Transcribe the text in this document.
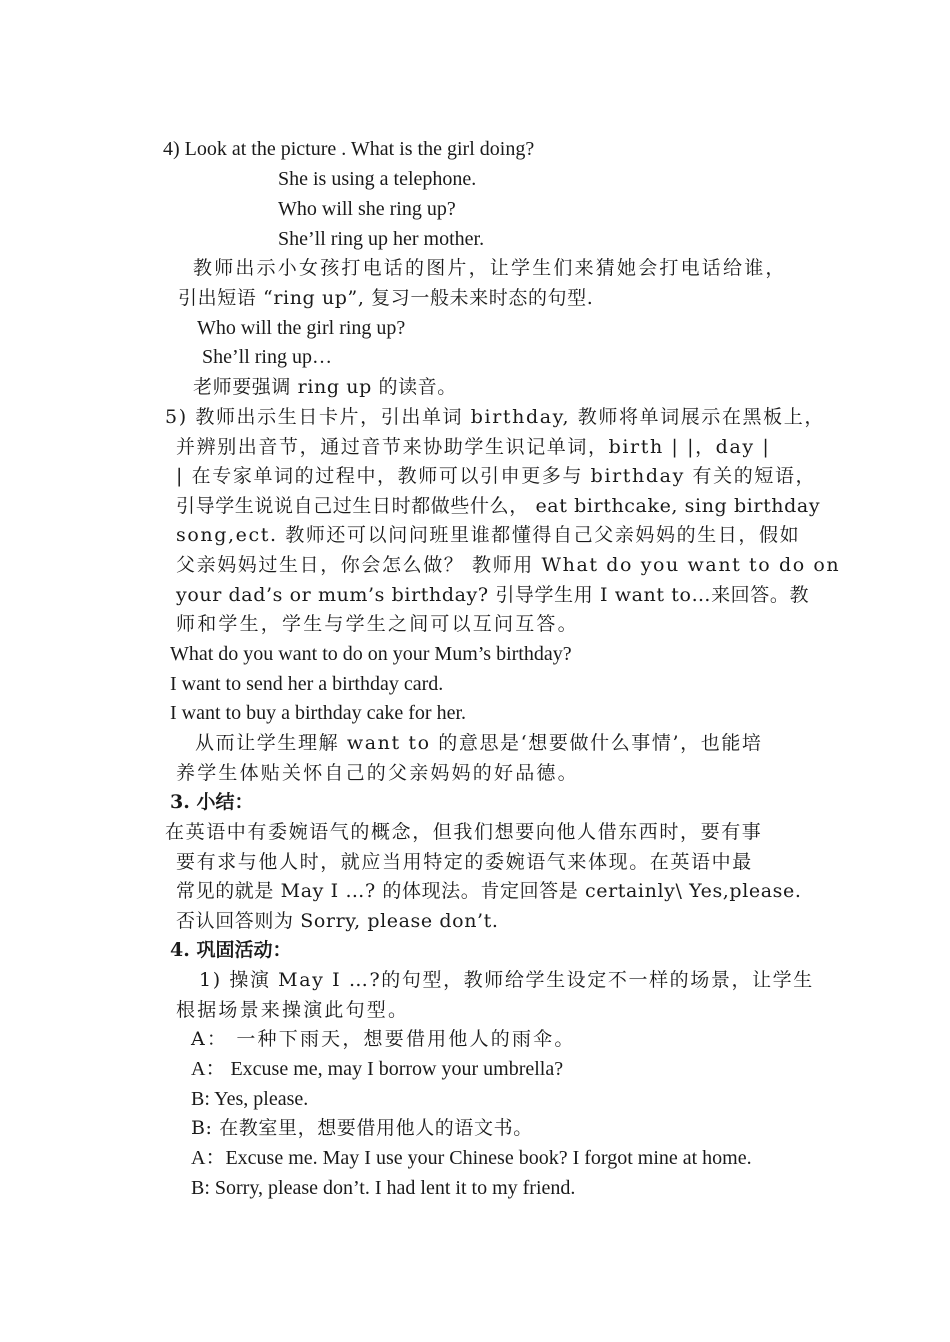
4) Look at the picture . What is the girl doing?
She is using a telephone.
Who will she ring up?
She’ll ring up her mother.
教师出示小女孩打电话的图片，让学生们来猜她会打电话给谁，
引出短语 “ring up”, 复习一般未来时态的句型.
Who will the girl ring up?
She’ll ring up…
老师要强调 ring up 的读音。
5) 教师出示生日卡片，引出单词 birthday, 教师将单词展示在黑板上，
并辨别出音节，通过音节来协助学生识记单词，birth | |，day |
| 在专家单词的过程中，教师可以引申更多与 birthday 有关的短语，
引导学生说说自己过生日时都做些什么， eat birthcake, sing birthday
song,ect. 教师还可以问问班里谁都懂得自己父亲妈妈的生日，假如
父亲妈妈过生日，你会怎么做？ 教师用 What do you want to do on
your dad’s or mum’s birthday? 引导学生用 I want to…来回答。教
师和学生，学生与学生之间可以互问互答。
What do you want to do on your Mum’s birthday?
I want to send her a birthday card.
I want to buy a birthday cake for her.
从而让学生理解 want to 的意思是‘想要做什么事情’，也能培
养学生体贴关怀自己的父亲妈妈的好品德。
3. 小结：
在英语中有委婉语气的概念，但我们想要向他人借东西时，要有事
要有求与他人时，就应当用特定的委婉语气来体现。在英语中最
常见的就是 May I …? 的体现法。肯定回答是 certainly\ Yes,please.
否认回答则为 Sorry, please don’t.
4. 巩固活动：
1) 操演 May I …?的句型，教师给学生设定不一样的场景，让学生
根据场景来操演此句型。
A： 一种下雨天，想要借用他人的雨伞。
A： Excuse me, may I borrow your umbrella?
B: Yes, please.
B: 在教室里，想要借用他人的语文书。
A：Excuse me. May I use your Chinese book? I forgot mine at home.
B: Sorry, please don’t. I had lent it to my friend.
